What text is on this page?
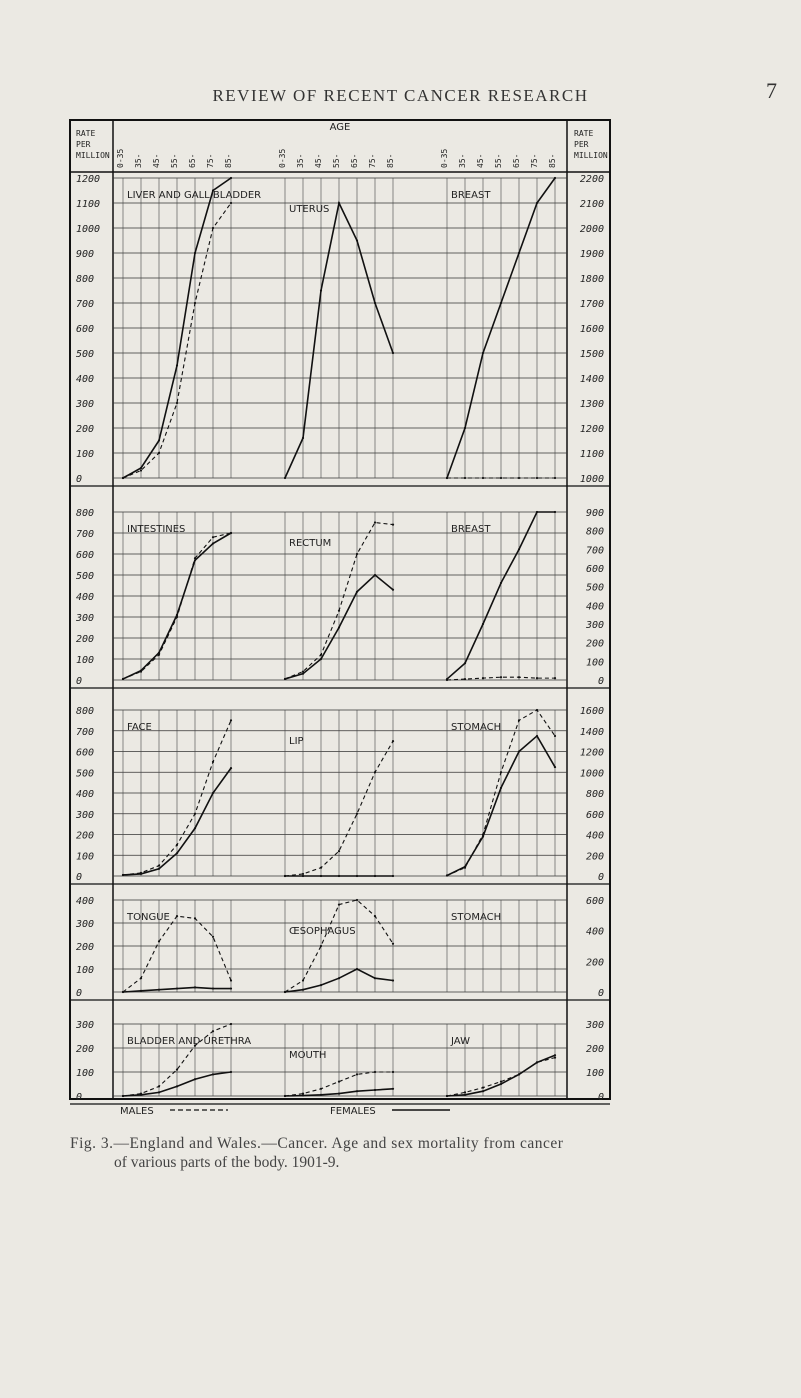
REVIEW OF RECENT CANCER RESEARCH	7
RATE
PER
MILLION
RATE
PER
MILLION
AGE
0-35 35- 45- 55- 65- 75- 85-	0-35 35- 45- 55- 65- 75- 85-	0-35 35- 45- 55- 65- 75- 85-
1200
1100
1000
900
800
700
600
500
400
300
200
100
0
2200
2100
2000
1900
1800
1700
1600
1500
1400
1300
1200
1100
1000
LIVER AND GALL BLADDER
UTERUS
BREAST
800
700
600
500
400
300
200
100
0
900
800
700
600
500
400
300
200
100
0
INTESTINES
RECTUM
BREAST
800
700
600
500
400
300
200
100
0
1600
1400
1200
1000
800
600
400
200
0
FACE
LIP
STOMACH
400
300
200
100
0
600
400
200
0
TONGUE
ŒSOPHAGUS
STOMACH
300
200
100
0
300
200
100
0
BLADDER AND URETHRA
MOUTH
JAW
MALES	FEMALES
Fig. 3.—England and Wales.—Cancer. Age and sex mortality from cancer
of various parts of the body. 1901-9.
